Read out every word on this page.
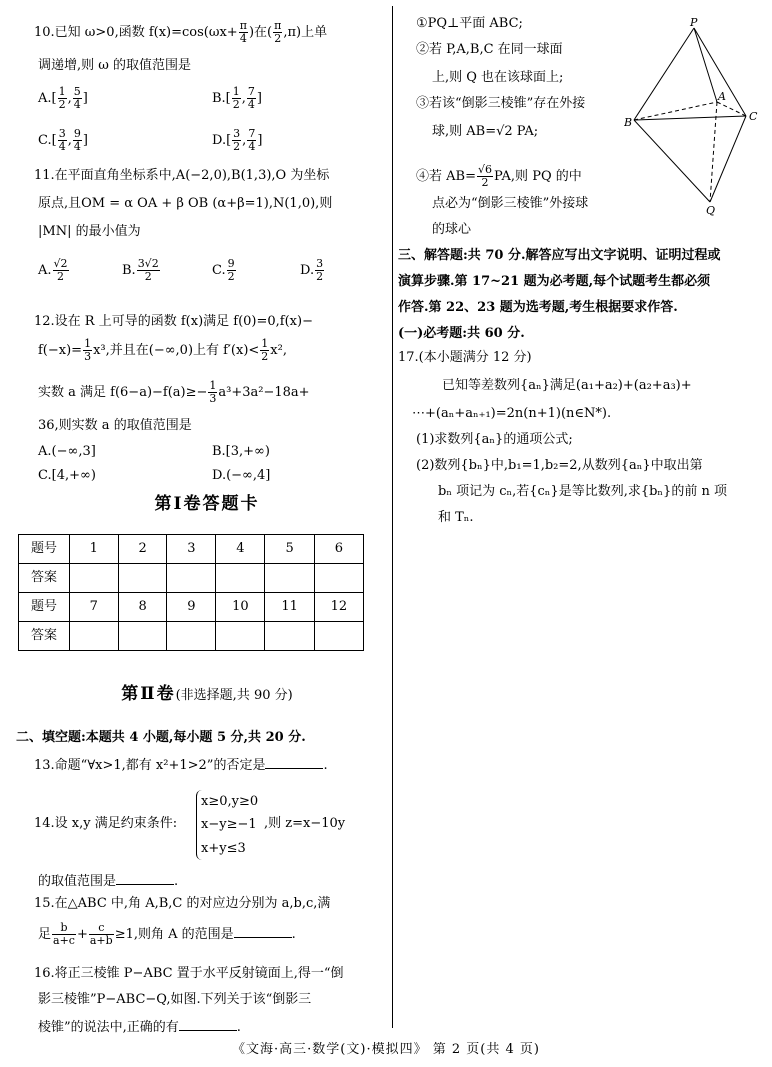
10.已知 ω>0,函数 $f(x)=\cos(\omega x+ \frac{\pi}{4}$ )在( $\frac{\pi}{2} ,\pi$)上单

调递增,则 ω 的取值范围是

$A.[ \frac{1}{2}$ , $\frac{5}{4}$ ]	$B.[ \frac{1}{2}$ , $\frac{7}{4}$ ]
$C.[ \frac{3}{4}$ , $\frac{9}{4}$ ]	$D.[ \frac{3}{2}$ , $\frac{7}{4}$ ]

11.在平面直角坐标系中,A(−2,0),B(1,3),O 为坐标

原点,且OM = α OA + β OB (α+β=1),N(1,0),则

|MN| 的最小值为

A. $\frac{√2}{2}$	B. $\frac{3√2}{2}$	C. $\frac{9}{2}$	D. $\frac{3}{2}$

12.设在 R 上可导的函数 f(x)满足 f(0)=0,f(x)−

$f(-x)= \frac{1}{3} x^3$,并且在(−∞,0)上有 $f'(x)< \frac{1}{2} x^2$,

实数 a 满足 $f(6-a)-f(a)\ge- \frac{1}{3} a^3+3a^2-18a+$

36,则实数 a 的取值范围是

A.(−∞,3]	B.[3,+∞)
C.[4,+∞)	D.(−∞,4]
第Ⅰ卷答题卡
题号	1	2	3	4	5	6
答案						
题号	7	8	9	10	11	12
答案						
第Ⅱ卷(非选择题,共 90 分)

二、填空题:本题共 4 小题,每小题 5 分,共 20 分.

13.命题“∀x>1,都有 x²+1>2”的否定是	.

14.设 x,y 满足约束条件:
x≥0,y≥0
x−y≥−1
x+y≤3
,则 z=x−10y

的取值范围是	.

15.在△ABC 中,角 A,B,C 的对应边分别为 a,b,c,满

足 $\frac{b}{a+c} + \frac{c}{a+b} \ge 1$,则角 A 的范围是	.

16.将正三棱锥 P−ABC 置于水平反射镜面上,得一“倒

影三棱锥”P−ABC−Q,如图.下列关于该“倒影三

棱锥”的说法中,正确的有	.

①PQ⊥平面 ABC;

②若 P,A,B,C 在同一球面

上,则 Q 也在该球面上;

③若该“倒影三棱锥”存在外接

球,则 AB=√2 PA;

④若 $AB= \frac{√6}{2}$ PA,则 PQ 的中

点必为“倒影三棱锥”外接球

的球心

P
A
B	C
Q

三、解答题:共 70 分.解答应写出文字说明、证明过程或

演算步骤.第 17~21 题为必考题,每个试题考生都必须

作答.第 22、23 题为选考题,考生根据要求作答.

(一)必考题:共 60 分.

17.(本小题满分 12 分)

已知等差数列{aₙ}满足(a₁+a₂)+(a₂+a₃)+

⋯+(aₙ+aₙ₊₁)=2n(n+1)(n∈N*).

(1)求数列{aₙ}的通项公式;

(2)数列{bₙ}中,b₁=1,b₂=2,从数列{aₙ}中取出第

bₙ 项记为 cₙ,若{cₙ}是等比数列,求{bₙ}的前 n 项

和 Tₙ.

《文海·高三·数学(文)·模拟四》 第 2 页(共 4 页)
